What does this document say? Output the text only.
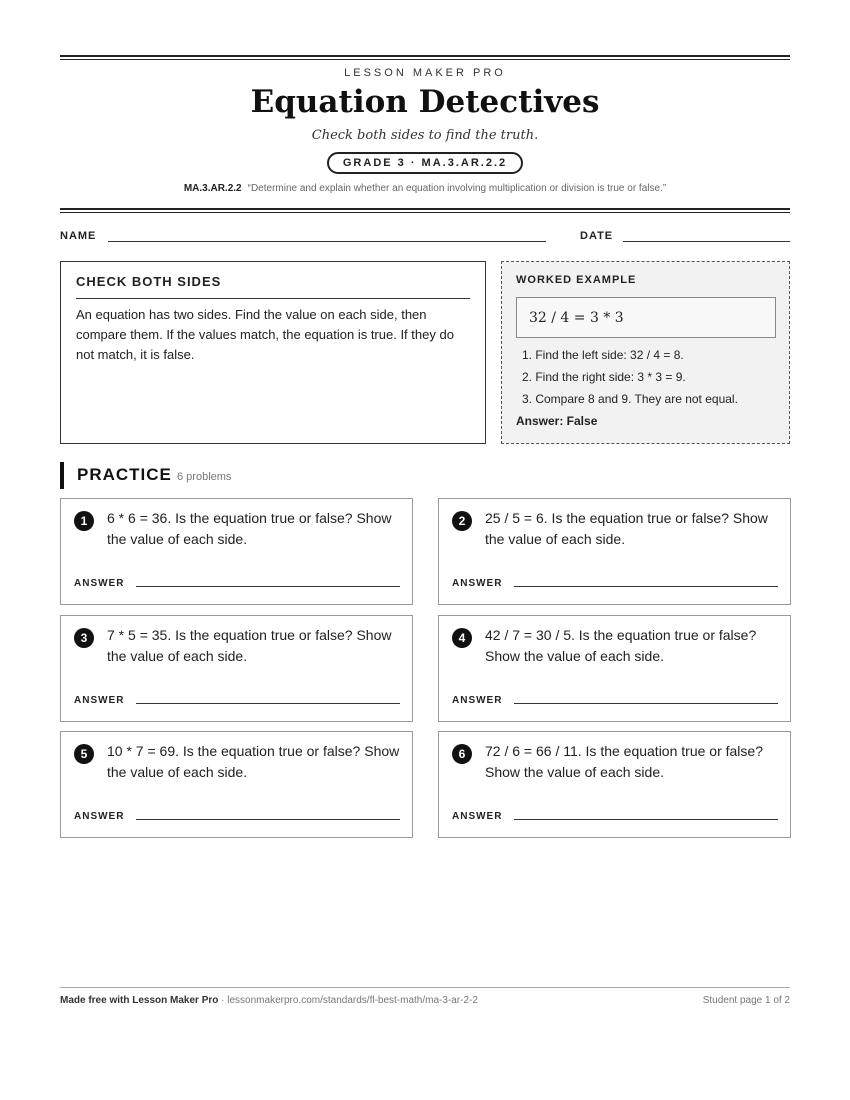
LESSON MAKER PRO
Equation Detectives
Check both sides to find the truth.
GRADE 3 · MA.3.AR.2.2
MA.3.AR.2.2 “Determine and explain whether an equation involving multiplication or division is true or false.”
NAME	DATE
CHECK BOTH SIDES

An equation has two sides. Find the value on each side, then compare them. If the values match, the equation is true. If they do not match, it is false.

WORKED EXAMPLE
32 / 4 = 3 * 3
1. Find the left side: 32 / 4 = 8.
2. Find the right side: 3 * 3 = 9.
3. Compare 8 and 9. They are not equal.
Answer: False
PRACTICE 6 problems
1	6 * 6 = 36. Is the equation true or false? Show the value of each side.
ANSWER
2	25 / 5 = 6. Is the equation true or false? Show the value of each side.
ANSWER
3	7 * 5 = 35. Is the equation true or false? Show the value of each side.
ANSWER
4	42 / 7 = 30 / 5. Is the equation true or false? Show the value of each side.
ANSWER
5	10 * 7 = 69. Is the equation true or false? Show the value of each side.
ANSWER
6	72 / 6 = 66 / 11. Is the equation true or false? Show the value of each side.
ANSWER
Made free with Lesson Maker Pro · lessonmakerpro.com/standards/fl-best-math/ma-3-ar-2-2	Student page 1 of 2
